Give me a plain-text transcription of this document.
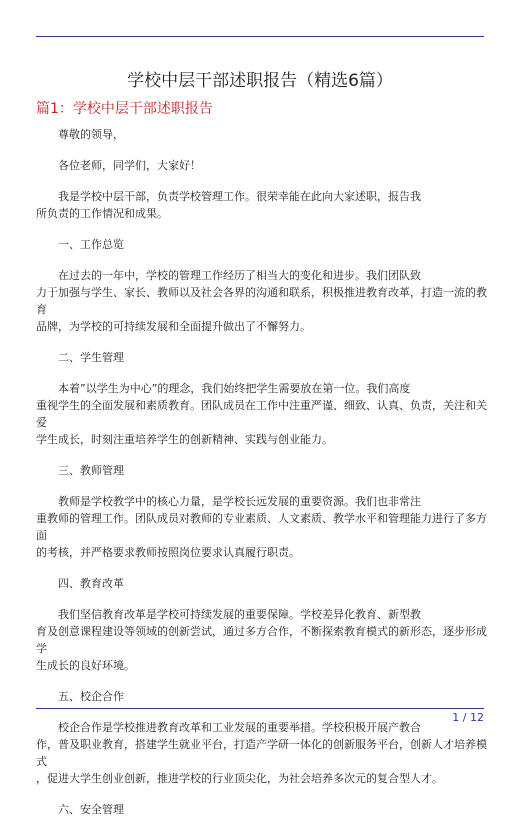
学校中层干部述职报告（精选6篇）
篇1：学校中层干部述职报告

尊敬的领导，

各位老师，同学们，大家好！

我是学校中层干部，负责学校管理工作。很荣幸能在此向大家述职，报告我
所负责的工作情况和成果。

一、工作总览

在过去的一年中，学校的管理工作经历了相当大的变化和进步。我们团队致
力于加强与学生、家长、教师以及社会各界的沟通和联系，积极推进教育改革，打造一流的教育
品牌，为学校的可持续发展和全面提升做出了不懈努力。

二、学生管理

本着”以学生为中心”的理念，我们始终把学生需要放在第一位。我们高度
重视学生的全面发展和素质教育。团队成员在工作中注重严谨、细致、认真、负责，关注和关爱
学生成长，时刻注重培养学生的创新精神、实践与创业能力。

三、教师管理

教师是学校教学中的核心力量，是学校长远发展的重要资源。我们也非常注
重教师的管理工作。团队成员对教师的专业素质、人文素质、教学水平和管理能力进行了多方面
的考核，并严格要求教师按照岗位要求认真履行职责。

四、教育改革

我们坚信教育改革是学校可持续发展的重要保障。学校差异化教育、新型教
育及创意课程建设等领域的创新尝试，通过多方合作，不断探索教育模式的新形态，逐步形成学
生成长的良好环境。

五、校企合作

校企合作是学校推进教育改革和工业发展的重要举措。学校积极开展产教合
作，普及职业教育，搭建学生就业平台，打造产学研一体化的创新服务平台，创新人才培养模式
，促进大学生创业创新，推进学校的行业顶尖化，为社会培养多次元的复合型人才。

六、安全管理

1 / 12
